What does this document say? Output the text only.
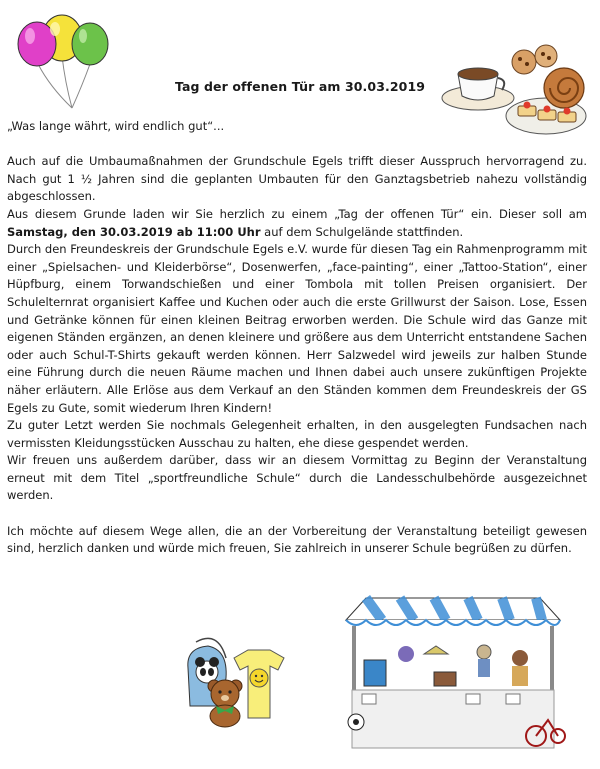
Tag der offenen Tür am 30.03.2019

„Was lange währt, wird endlich gut“...

Auch auf die Umbaumaßnahmen der Grundschule Egels trifft dieser Ausspruch hervorragend zu. Nach gut 1 ½ Jahren sind die geplanten Umbauten für den Ganztagsbetrieb nahezu vollständig abgeschlossen.

Aus diesem Grunde laden wir Sie herzlich zu einem „Tag der offenen Tür“ ein. Dieser soll am Samstag, den 30.03.2019 ab 11:00 Uhr auf dem Schulgelände stattfinden.

Durch den Freundeskreis der Grundschule Egels e.V. wurde für diesen Tag ein Rahmenprogramm mit einer „Spielsachen- und Kleiderbörse“, Dosenwerfen, „face-painting“, einer „Tattoo-Station“, einer Hüpfburg, einem Torwandschießen und einer Tombola mit tollen Preisen organisiert. Der Schulelternrat organisiert Kaffee und Kuchen oder auch die erste Grillwurst der Saison. Lose, Essen und Getränke können für einen kleinen Beitrag erworben werden. Die Schule wird das Ganze mit eigenen Ständen ergänzen, an denen kleinere und größere aus dem Unterricht entstandene Sachen oder auch Schul-T-Shirts gekauft werden können. Herr Salzwedel wird jeweils zur halben Stunde eine Führung durch die neuen Räume machen und Ihnen dabei auch unsere zukünftigen Projekte näher erläutern. Alle Erlöse aus dem Verkauf an den Ständen kommen dem Freundeskreis der GS Egels zu Gute, somit wiederum Ihren Kindern!

Zu guter Letzt werden Sie nochmals Gelegenheit erhalten, in den ausgelegten Fundsachen nach vermissten Kleidungsstücken Ausschau zu halten, ehe diese gespendet werden.

Wir freuen uns außerdem darüber, dass wir an diesem Vormittag zu Beginn der Veranstaltung erneut mit dem Titel „sportfreundliche Schule“ durch die Landesschulbehörde ausgezeichnet werden.

Ich möchte auf diesem Wege allen, die an der Vorbereitung der Veranstaltung beteiligt gewesen sind, herzlich danken und würde mich freuen, Sie zahlreich in unserer Schule begrüßen zu dürfen.
